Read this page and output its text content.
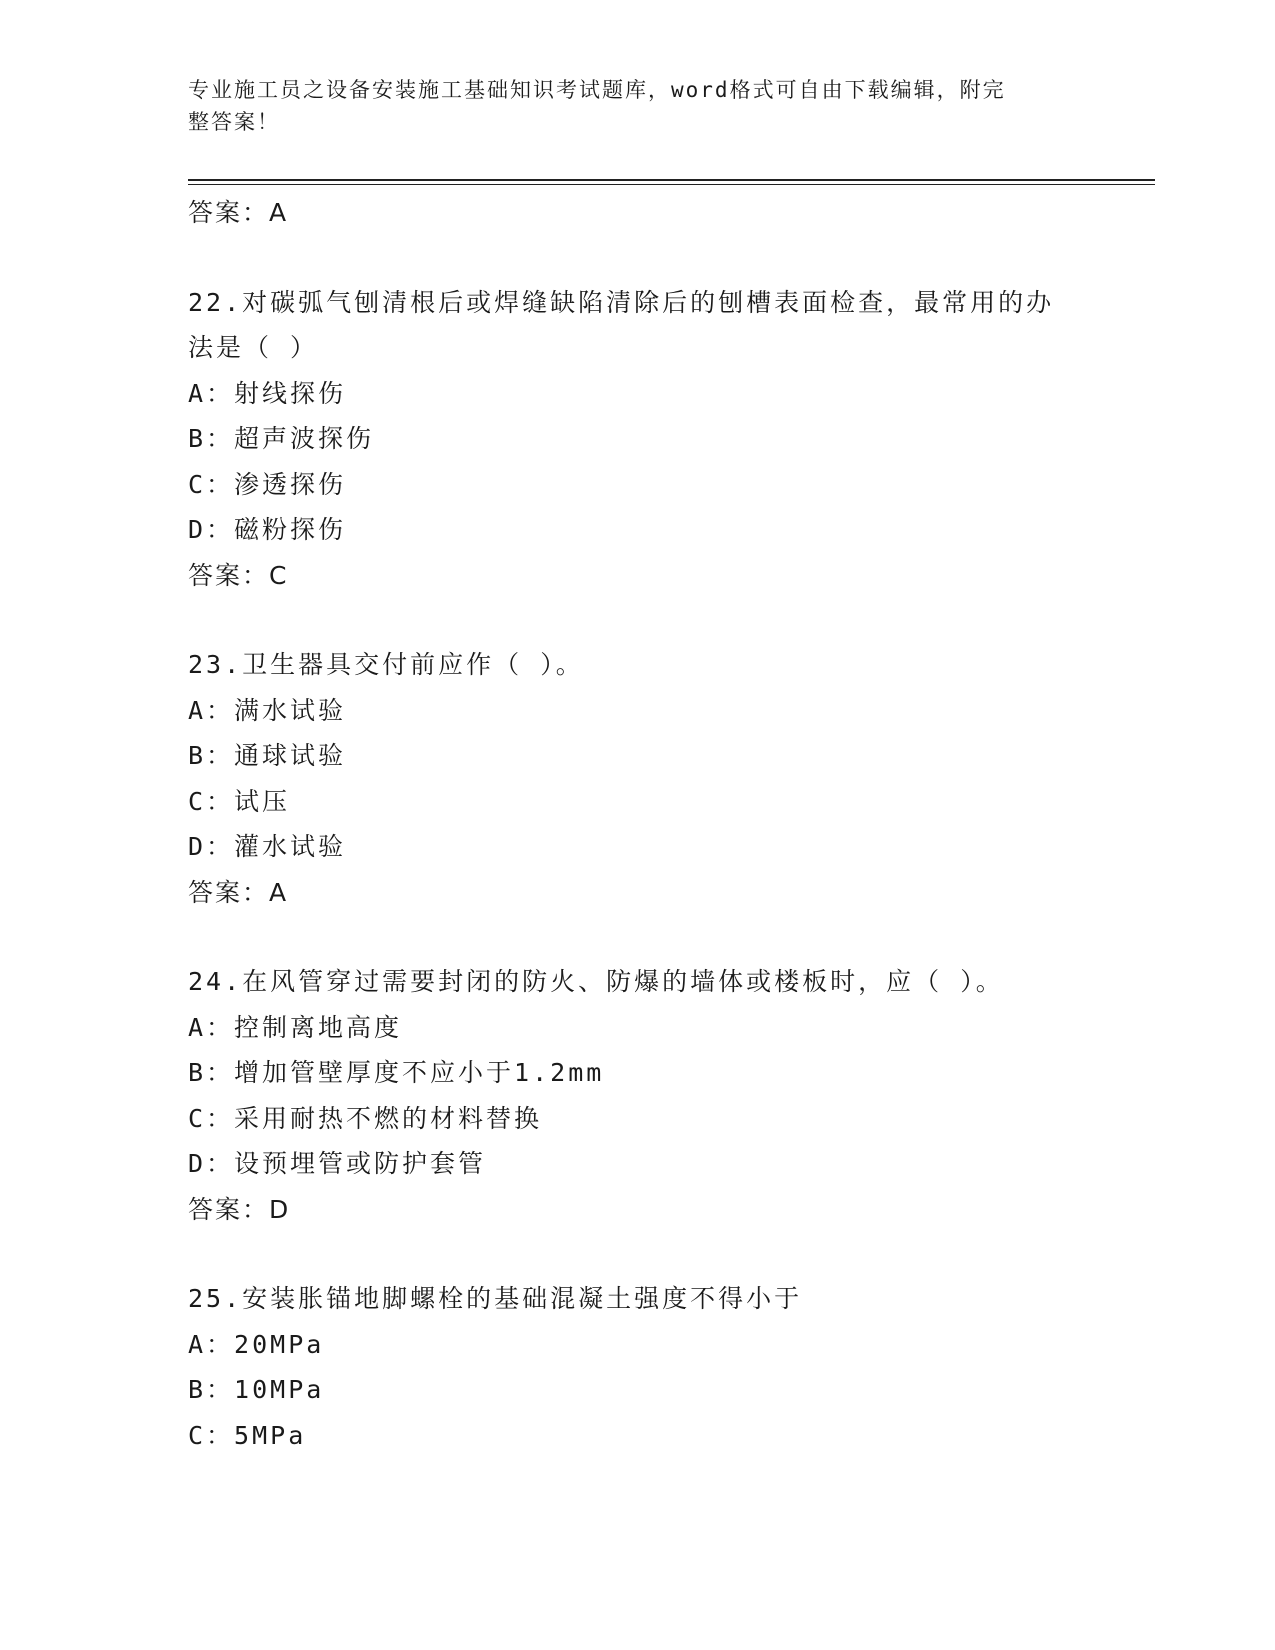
专业施工员之设备安装施工基础知识考试题库，word格式可自由下载编辑，附完
整答案！
答案：A
22.对碳弧气刨清根后或焊缝缺陷清除后的刨槽表面检查，最常用的办
法是（ ）
A：射线探伤
B：超声波探伤
C：渗透探伤
D：磁粉探伤
答案：C
23.卫生器具交付前应作（ ）。
A：满水试验
B：通球试验
C：试压
D：灌水试验
答案：A
24.在风管穿过需要封闭的防火、防爆的墙体或楼板时，应（ ）。
A：控制离地高度
B：增加管壁厚度不应小于1.2mm
C：采用耐热不燃的材料替换
D：设预埋管或防护套管
答案：D
25.安装胀锚地脚螺栓的基础混凝土强度不得小于
A：20MPa
B：10MPa
C：5MPa
